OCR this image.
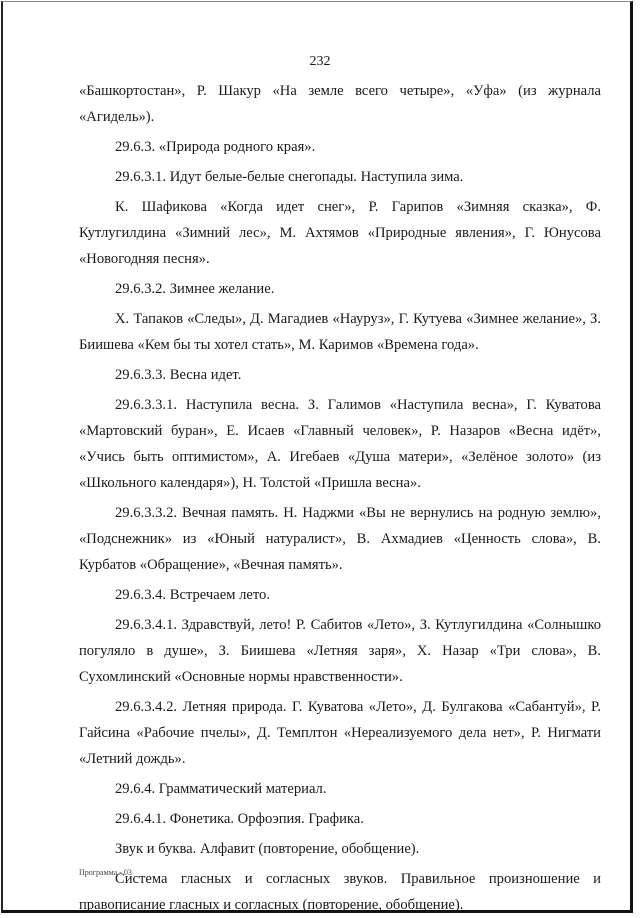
232

«Башкортостан», Р. Шакур «На земле всего четыре», «Уфа» (из журнала «Агидель»).

29.6.3. «Природа родного края».

29.6.3.1. Идут белые-белые снегопады. Наступила зима.

К. Шафикова «Когда идет снег», Р. Гарипов «Зимняя сказка», Ф. Кутлугилдина «Зимний лес», М. Ахтямов «Природные явления», Г. Юнусова «Новогодняя песня».

29.6.3.2. Зимнее желание.

Х. Тапаков «Следы», Д. Магадиев «Науруз», Г. Кутуева «Зимнее желание», З. Биишева «Кем бы ты хотел стать», М. Каримов «Времена года».

29.6.3.3. Весна идет.

29.6.3.3.1. Наступила весна. З. Галимов «Наступила весна», Г. Куватова «Мартовский буран», Е. Исаев «Главный человек», Р. Назаров «Весна идёт», «Учись быть оптимистом», А. Игебаев «Душа матери», «Зелёное золото» (из «Школьного календаря»), Н. Толстой «Пришла весна».

29.6.3.3.2. Вечная память. Н. Наджми «Вы не вернулись на родную землю», «Подснежник» из «Юный натуралист», В. Ахмадиев «Ценность слова», В. Курбатов «Обращение», «Вечная память».

29.6.3.4. Встречаем лето.

29.6.3.4.1. Здравствуй, лето! Р. Сабитов «Лето», З. Кутлугилдина «Солнышко погуляло в душе», З. Биишева «Летняя заря», Х. Назар «Три слова», В. Сухомлинский «Основные нормы нравственности».

29.6.3.4.2. Летняя природа. Г. Куватова «Лето», Д. Булгакова «Сабантуй», Р. Гайсина «Рабочие пчелы», Д. Темплтон «Нереализуемого дела нет», Р. Нигмати «Летний дождь».

29.6.4. Грамматический материал.

29.6.4.1. Фонетика. Орфоэпия. Графика.

Звук и буква. Алфавит (повторение, обобщение).

Система гласных и согласных звуков. Правильное произношение и правописание гласных и согласных (повторение, обобщение).

Программа - 03
